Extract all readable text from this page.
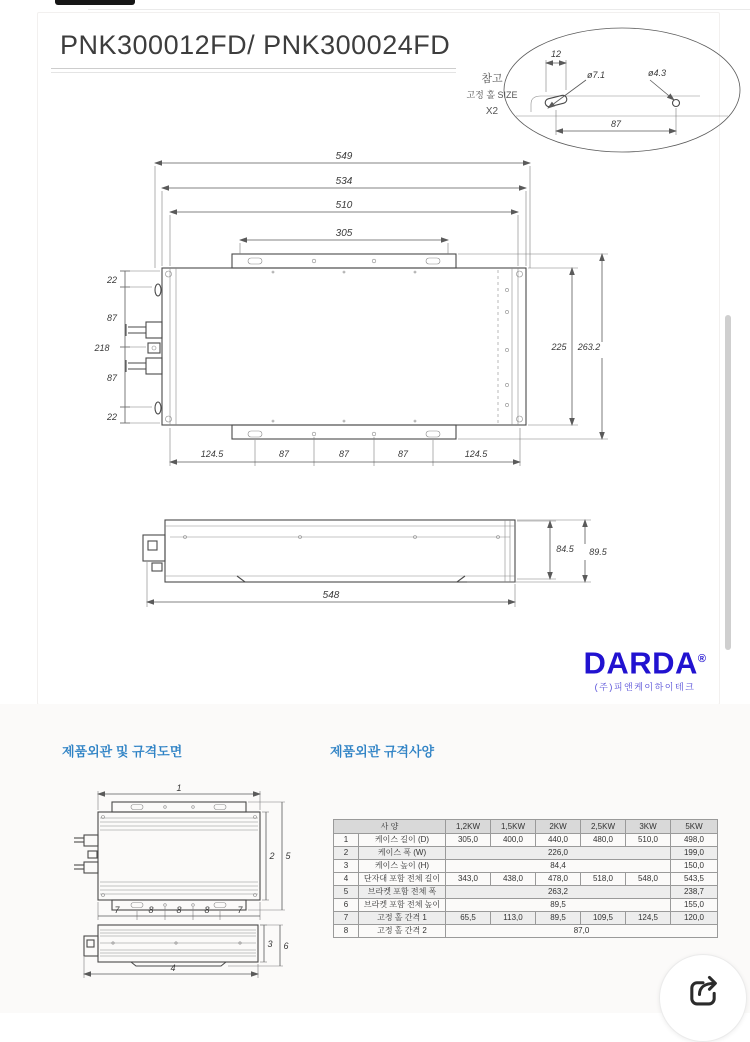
PNK300012FD/ PNK300024FD	12
ø7.1	ø4.3
87
참고
고정 홀 SIZE
X2
549
534
510
305
22
87
218
87
22
225 263.2
124.5	87	87	87	124.5
84.5 89.5
548
DARDA®
(주)피앤케이하이테크
제품외관 및 규격도면	제품외관 규격사양
1
2 5
7	8	8	8	7
3 6
4
사 양		1,2KW	1,5KW	2KW	2,5KW	3KW	5KW
1	케이스 길이 (D)	305,0	400,0	440,0	480,0	510,0	498,0
2	케이스 폭 (W)	226,0					199,0
3	케이스 높이 (H)	84,4					150,0
4	단자대 포함 전체 길이	343,0	438,0	478,0	518,0	548,0	543,5
5	브라켓 포함 전체 폭	263,2					238,7
6	브라켓 포함 전체 높이	89,5					155,0
7	고정 홀 간격 1	65,5	113,0	89,5	109,5	124,5	120,0
8	고정 홀 간격 2	87,0					
